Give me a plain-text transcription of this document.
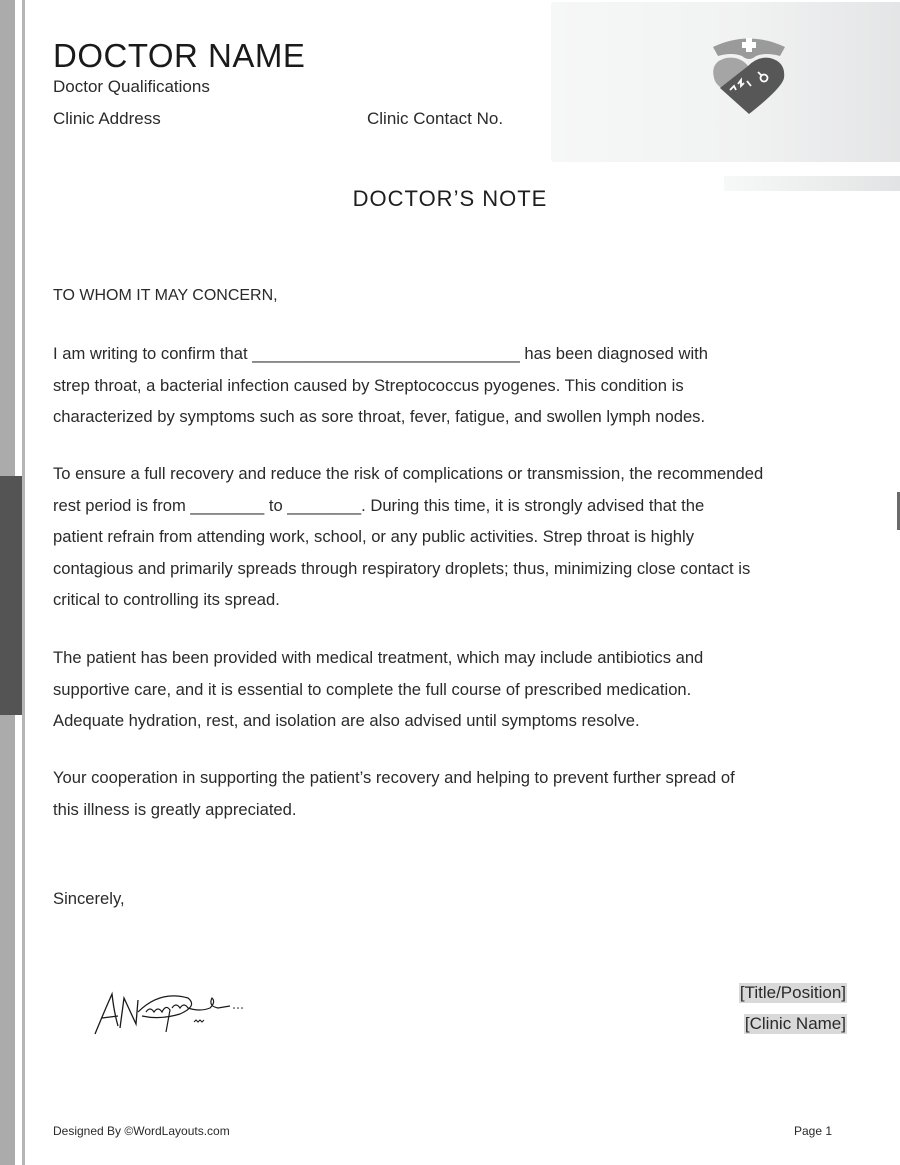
DOCTOR NAME
Doctor Qualifications
Clinic Address	Clinic Contact No.
DOCTOR’S NOTE
TO WHOM IT MAY CONCERN,
I am writing to confirm that _____________________________ has been diagnosed with
strep throat, a bacterial infection caused by Streptococcus pyogenes. This condition is
characterized by symptoms such as sore throat, fever, fatigue, and swollen lymph nodes.
To ensure a full recovery and reduce the risk of complications or transmission, the recommended
rest period is from ________ to ________. During this time, it is strongly advised that the
patient refrain from attending work, school, or any public activities. Strep throat is highly
contagious and primarily spreads through respiratory droplets; thus, minimizing close contact is
critical to controlling its spread.
The patient has been provided with medical treatment, which may include antibiotics and
supportive care, and it is essential to complete the full course of prescribed medication.
Adequate hydration, rest, and isolation are also advised until symptoms resolve.
Your cooperation in supporting the patient’s recovery and helping to prevent further spread of
this illness is greatly appreciated.
Sincerely,
[Title/Position]
[Clinic Name]
Designed By ©WordLayouts.com	Page 1
